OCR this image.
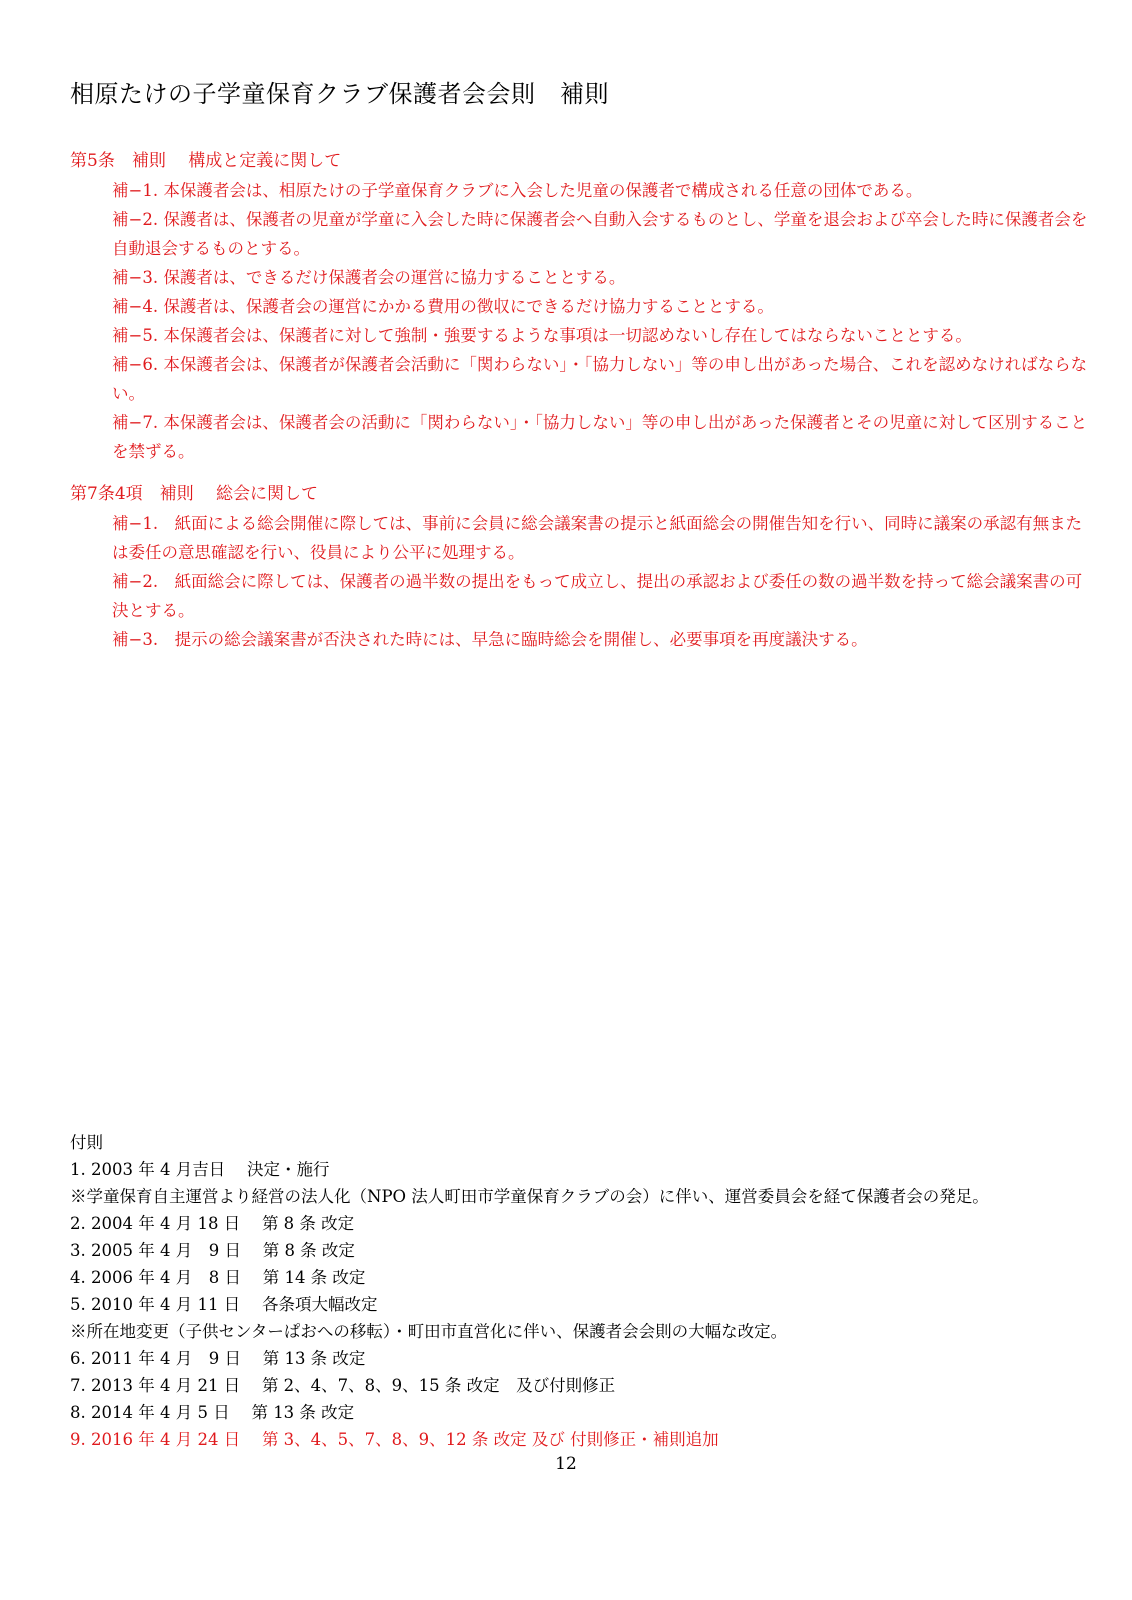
相原たけの子学童保育クラブ保護者会会則　補則
第5条　補則　 構成と定義に関して
補−1. 本保護者会は、相原たけの子学童保育クラブに入会した児童の保護者で構成される任意の団体である。
補−2. 保護者は、保護者の児童が学童に入会した時に保護者会へ自動入会するものとし、学童を退会および卒会した時に保護者会を自動退会するものとする。
補−3. 保護者は、できるだけ保護者会の運営に協力することとする。
補−4. 保護者は、保護者会の運営にかかる費用の徴収にできるだけ協力することとする。
補−5. 本保護者会は、保護者に対して強制・強要するような事項は一切認めないし存在してはならないこととする。
補−6. 本保護者会は、保護者が保護者会活動に「関わらない」・「協力しない」等の申し出があった場合、これを認めなければならない。
補−7. 本保護者会は、保護者会の活動に「関わらない」・「協力しない」等の申し出があった保護者とその児童に対して区別することを禁ずる。
第7条4項　補則　 総会に関して
補−1.　紙面による総会開催に際しては、事前に会員に総会議案書の提示と紙面総会の開催告知を行い、同時に議案の承認有無または委任の意思確認を行い、役員により公平に処理する。
補−2.　紙面総会に際しては、保護者の過半数の提出をもって成立し、提出の承認および委任の数の過半数を持って総会議案書の可決とする。
補−3.　提示の総会議案書が否決された時には、早急に臨時総会を開催し、必要事項を再度議決する。
付則
1. 2003 年 4 月吉日　 決定・施行
※学童保育自主運営より経営の法人化（NPO 法人町田市学童保育クラブの会）に伴い、運営委員会を経て保護者会の発足。
2. 2004 年 4 月 18 日　 第 8 条 改定
3. 2005 年 4 月　9 日　 第 8 条 改定
4. 2006 年 4 月　8 日　 第 14 条 改定
5. 2010 年 4 月 11 日　 各条項大幅改定
※所在地変更（子供センターぱおへの移転）・町田市直営化に伴い、保護者会会則の大幅な改定。
6. 2011 年 4 月　9 日　 第 13 条 改定
7. 2013 年 4 月 21 日　 第 2、4、7、8、9、15 条 改定　及び付則修正
8. 2014 年 4 月 5 日　 第 13 条 改定
9. 2016 年 4 月 24 日　 第 3、4、5、7、8、9、12 条 改定 及び 付則修正・補則追加
12
